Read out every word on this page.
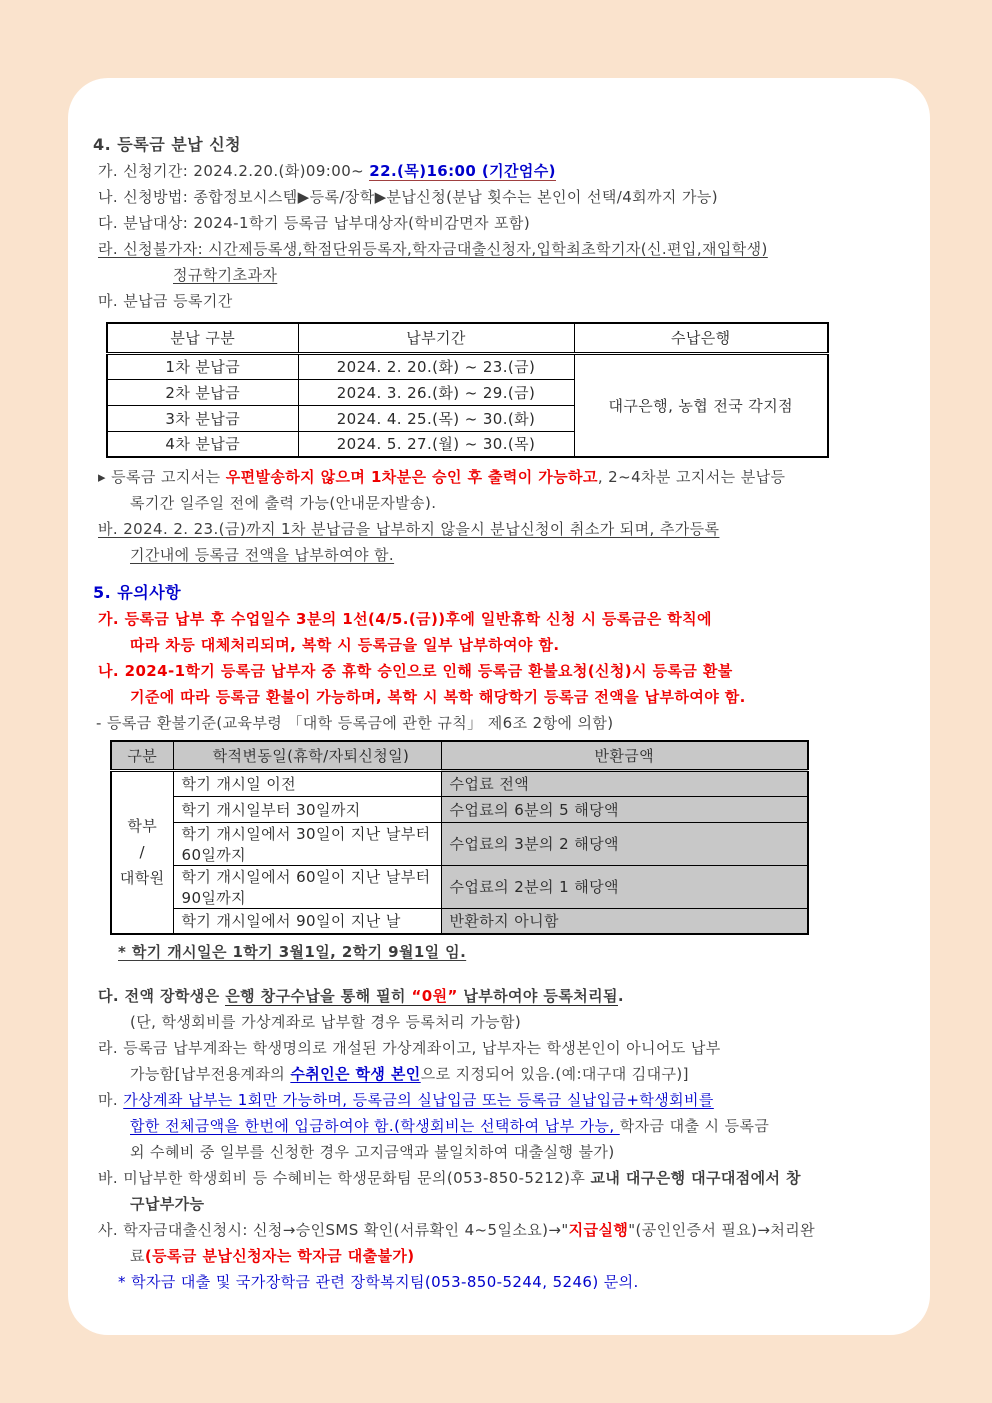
4. 등록금 분납 신청
가. 신청기간: 2024.2.20.(화)09:00~ 22.(목)16:00 (기간엄수)
나. 신청방법: 종합정보시스템▶등록/장학▶분납신청(분납 횟수는 본인이 선택/4회까지 가능)
다. 분납대상: 2024-1학기 등록금 납부대상자(학비감면자 포함)
라. 신청불가자: 시간제등록생,학점단위등록자,학자금대출신청자,입학최초학기자(신.편입,재입학생)
정규학기초과자
마. 분납금 등록기간
분납 구분	납부기간	수납은행
1차 분납금	2024. 2. 20.(화) ~ 23.(금)	대구은행, 농협 전국 각지점
2차 분납금	2024. 3. 26.(화) ~ 29.(금)	
3차 분납금	2024. 4. 25.(목) ~ 30.(화)	
4차 분납금	2024. 5. 27.(월) ~ 30.(목)	
▸ 등록금 고지서는 우편발송하지 않으며 1차분은 승인 후 출력이 가능하고, 2~4차분 고지서는 분납등
록기간 일주일 전에 출력 가능(안내문자발송).
바. 2024. 2. 23.(금)까지 1차 분납금을 납부하지 않을시 분납신청이 취소가 되며, 추가등록
기간내에 등록금 전액을 납부하여야 함.
5. 유의사항
가. 등록금 납부 후 수업일수 3분의 1선(4/5.(금))후에 일반휴학 신청 시 등록금은 학칙에
따라 차등 대체처리되며, 복학 시 등록금을 일부 납부하여야 함.
나. 2024-1학기 등록금 납부자 중 휴학 승인으로 인해 등록금 환불요청(신청)시 등록금 환불
기준에 따라 등록금 환불이 가능하며, 복학 시 복학 해당학기 등록금 전액을 납부하여야 함.
- 등록금 환불기준(교육부령 「대학 등록금에 관한 규칙」 제6조 2항에 의함)
구분	학적변동일(휴학/자퇴신청일)	반환금액

학부
/
대학원	학기 개시일 이전	수업료 전액
	학기 개시일부터 30일까지	수업료의 6분의 5 해당액
	학기 개시일에서 30일이 지난 날부터 60일까지	수업료의 3분의 2 해당액
	학기 개시일에서 60일이 지난 날부터 90일까지	수업료의 2분의 1 해당액
	학기 개시일에서 90일이 지난 날	반환하지 아니함
* 학기 개시일은 1학기 3월1일, 2학기 9월1일 임.
다. 전액 장학생은 은행 창구수납을 통해 필히 “0원” 납부하여야 등록처리됨.
(단, 학생회비를 가상계좌로 납부할 경우 등록처리 가능함)
라. 등록금 납부계좌는 학생명의로 개설된 가상계좌이고, 납부자는 학생본인이 아니어도 납부
가능함[납부전용계좌의 수취인은 학생 본인으로 지정되어 있음.(예:대구대 김대구)]
마. 가상계좌 납부는 1회만 가능하며, 등록금의 실납입금 또는 등록금 실납입금+학생회비를
합한 전체금액을 한번에 입금하여야 함.(학생회비는 선택하여 납부 가능, 학자금 대출 시 등록금
외 수혜비 중 일부를 신청한 경우 고지금액과 불일치하여 대출실행 불가)
바. 미납부한 학생회비 등 수혜비는 학생문화팀 문의(053-850-5212)후 교내 대구은행 대구대점에서 창
구납부가능
사. 학자금대출신청시: 신청→승인SMS 확인(서류확인 4~5일소요)→"지급실행"(공인인증서 필요)→처리완
료(등록금 분납신청자는 학자금 대출불가)
* 학자금 대출 및 국가장학금 관련 장학복지팀(053-850-5244, 5246) 문의.
